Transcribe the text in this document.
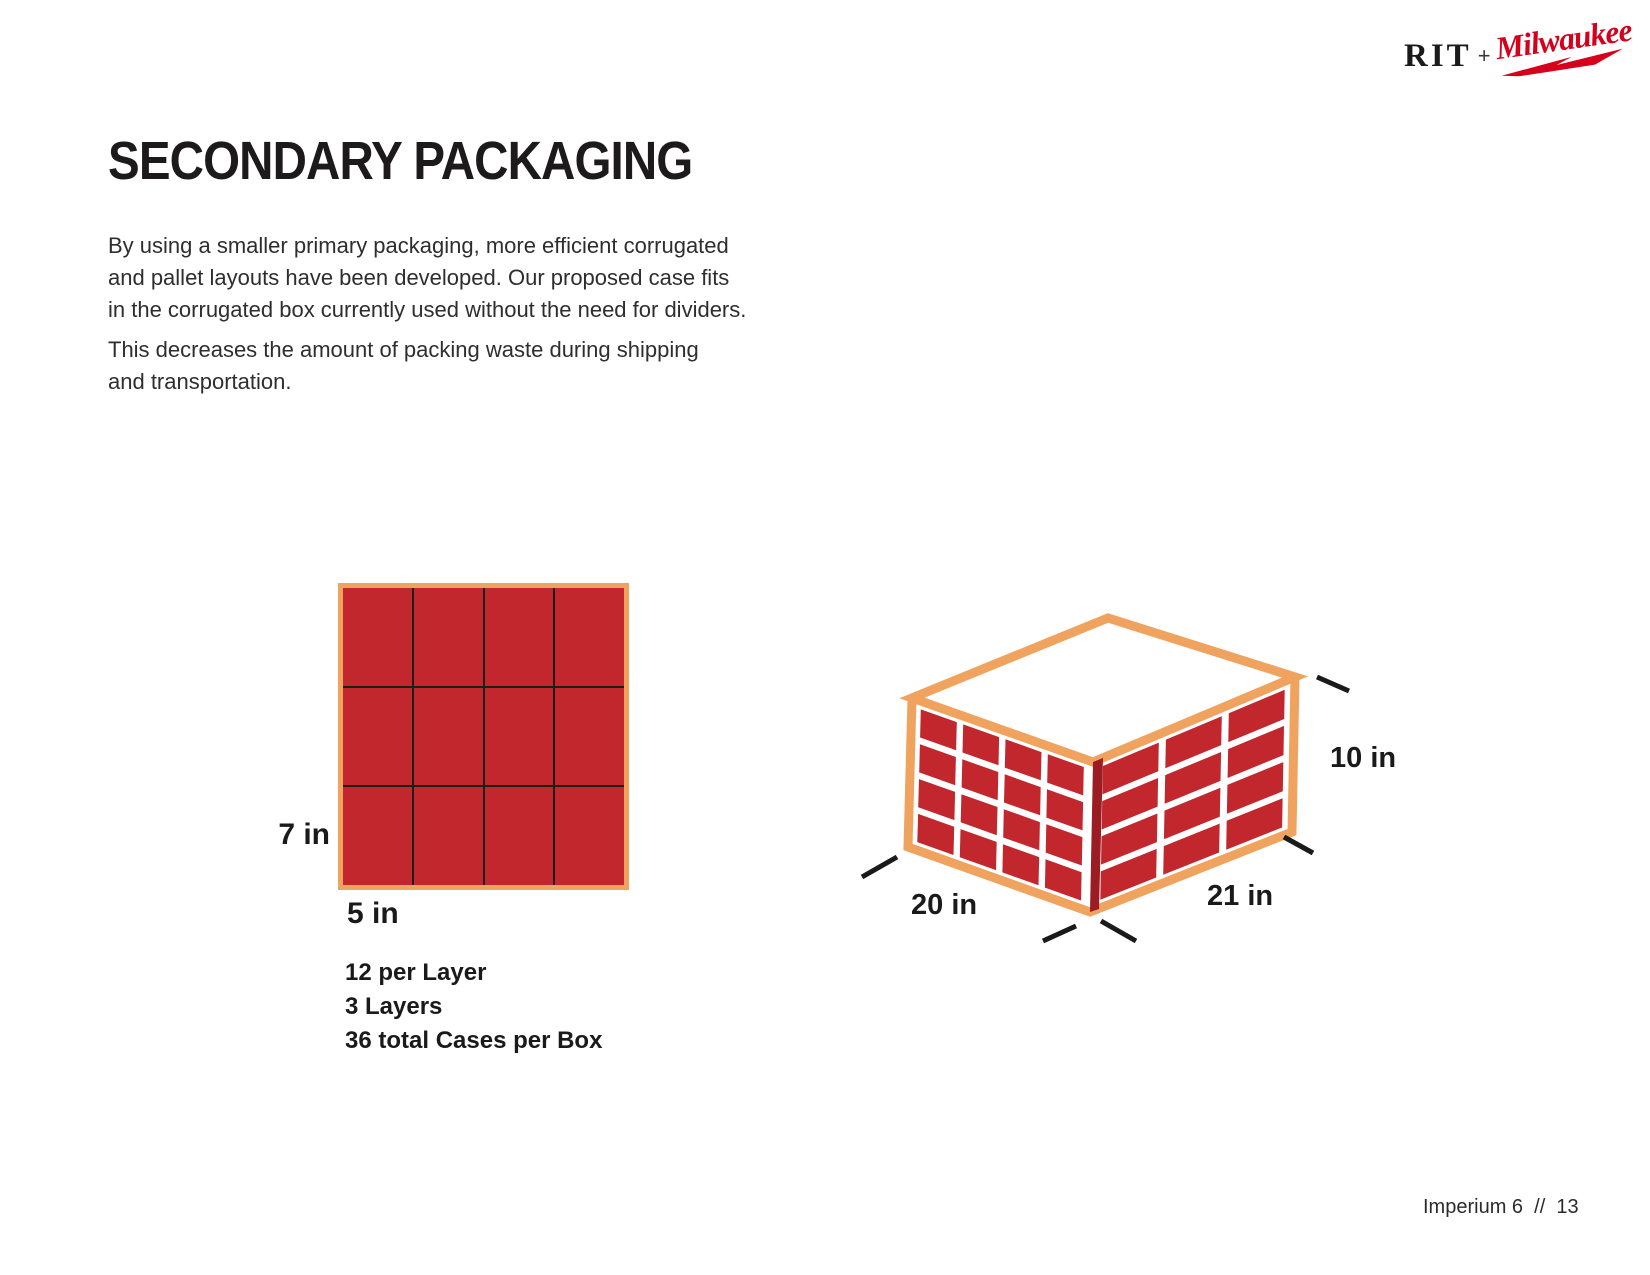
RIT + Milwaukee
SECONDARY PACKAGING

By using a smaller primary packaging, more efficient corrugated
and pallet layouts have been developed. Our proposed case fits
in the corrugated box currently used without the need for dividers.

This decreases the amount of packing waste during shipping
and transportation.

7 in
5 in
12 per Layer
3 Layers
36 total Cases per Box
20 in	21 in
10 in
Imperium 6  //  13
